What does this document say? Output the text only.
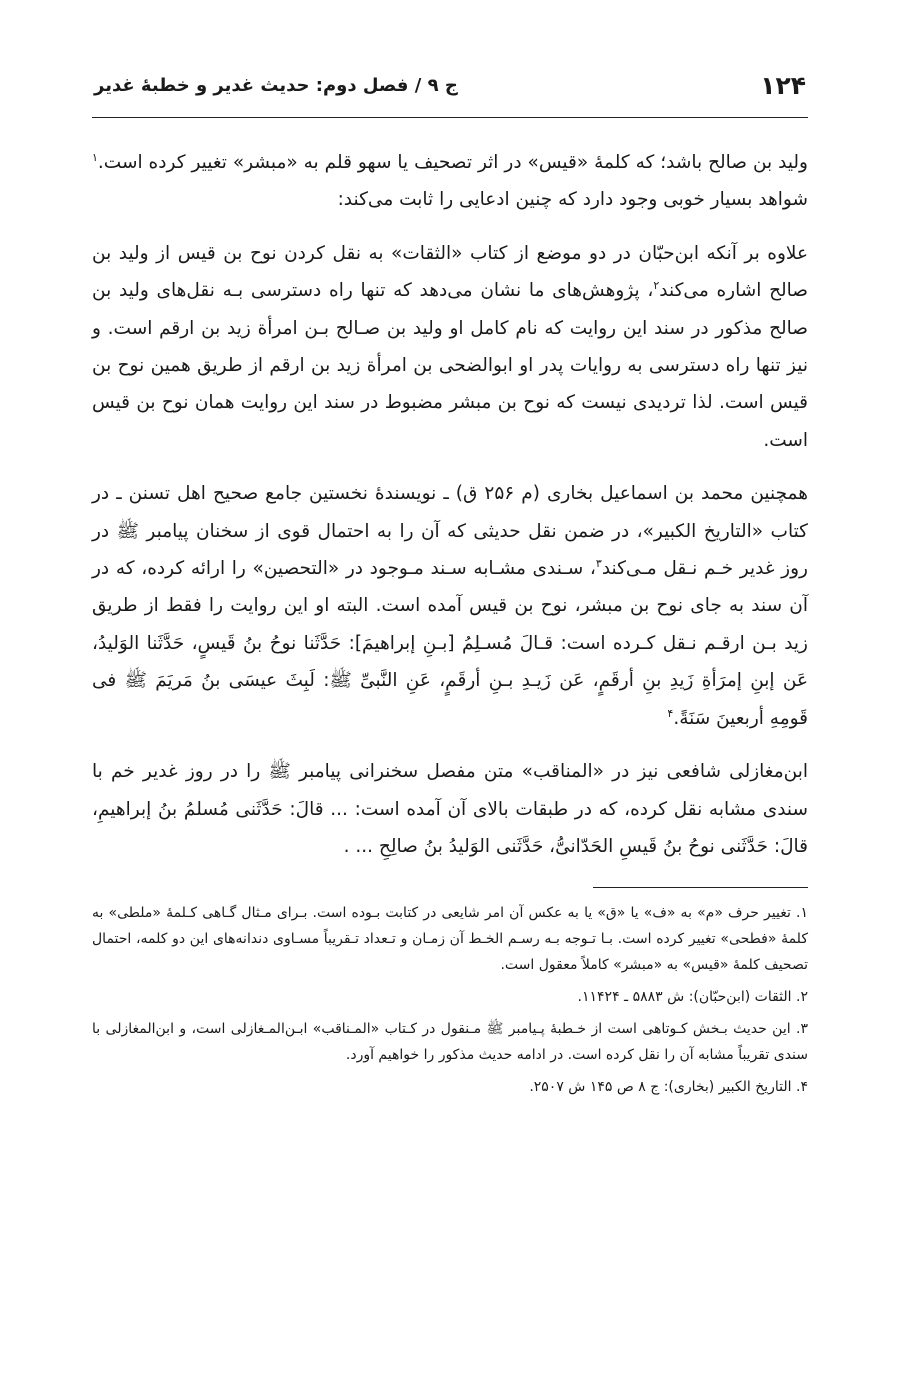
۱۲۴
ج ۹ / فصل دوم: حدیث غدیر و خطبهٔ غدیر

ولید بن صالح باشد؛ که کلمهٔ «قیس» در اثر تصحیف یا سهو قلم به «مبشر» تغییر کرده است.$^۱$ شواهد بسیار خوبی وجود دارد که چنین ادعایی را ثابت می‌کند:

علاوه بر آنکه ابن‌حبّان در دو موضع از کتاب «الثقات» به نقل کردن نوح بن قیس از ولید بن صالح اشاره می‌کند$^۲$، پژوهش‌های ما نشان می‌دهد که تنها راه دسترسی بـه نقل‌های ولید بن صالح مذکور در سند این روایت که نام کامل او ولید بن صـالح بـن امرأة زید بن ارقم است. و نیز تنها راه دسترسی به روایات پدر او ابوالضحی بن امرأة زید بن ارقم از طریق همین نوح بن قیس است. لذا تردیدی نیست که نوح بن مبشر مضبوط در سند این روایت همان نوح بن قیس است.

همچنین محمد بن اسماعیل بخاری (م ۲۵۶ ق) ـ نویسندهٔ نخستین جامع صحیح اهل تسنن ـ در کتاب «التاریخ الکبیر»، در ضمن نقل حدیثی که آن را به احتمال قوی از سخنان پیامبر ﷺ در روز غدیر خـم نـقل مـی‌کند$^۳$، سـندی مشـابه سـند مـوجود در «التحصین» را ارائه کرده، که در آن سند به جای نوح بن مبشر، نوح بن قیس آمده است. البته او این روایت را فقط از طریق زید بـن ارقـم نـقل کـرده است: قـالَ مُسـلِمُ [بـنِ إبراهیمَ]: حَدَّثَنا نوحُ بنُ قَیسٍ، حَدَّثَنا الوَلیدُ، عَن إبنِ إمرَأةِ زَیدِ بنِ أرقَمٍ، عَن زَیـدِ بـنِ أرقَمٍ، عَنِ النَّبیِّ ﷺ: لَبِثَ عیسَی بنُ مَریَمَ ﷺ فی قَومِهِ أربعینَ سَنَةً.$^۴$

ابن‌مغازلی شافعی نیز در «المناقب» متن مفصل سخنرانی پیامبر ﷺ را در روز غدیر خم با سندی مشابه نقل کرده، که در طبقات بالای آن آمده است: ... قالَ: حَدَّثَنی مُسلمُ بنُ إبراهیمِ، قالَ: حَدَّثَنی نوحُ بنُ قَیسِ الحَدّانیُّ، حَدَّثَنی الوَلیدُ بنُ صالِحِ ... .

۱. تغییر حرف «م» به «ف» یا «ق» یا به عکس آن امر شایعی در کتابت بـوده است. بـرای مـثال گـاهی کـلمهٔ «ملطی» به کلمهٔ «فطحی» تغییر کرده است. بـا تـوجه بـه رسـم الخـط آن زمـان و تـعداد تـقریباً مسـاوی دندانه‌های این دو کلمه، احتمال تصحیف کلمهٔ «قیس» به «مبشر» کاملاً معقول است.

۲. الثقات (ابن‌حبّان): ش ۵۸۸۳ ـ ۱۱۴۲۴.

۳. این حدیث بـخش کـوتاهی است از خـطبهٔ پـیامبر ﷺ مـنقول در کـتاب «المـناقب» ابـن‌المـغازلی است، و ابن‌المغازلی با سندی تقریباً مشابه آن را نقل کرده است. در ادامه حدیث مذکور را خواهیم آورد.

۴. التاریخ الکبیر (بخاری): ج ۸ ص ۱۴۵ ش ۲۵۰۷.
